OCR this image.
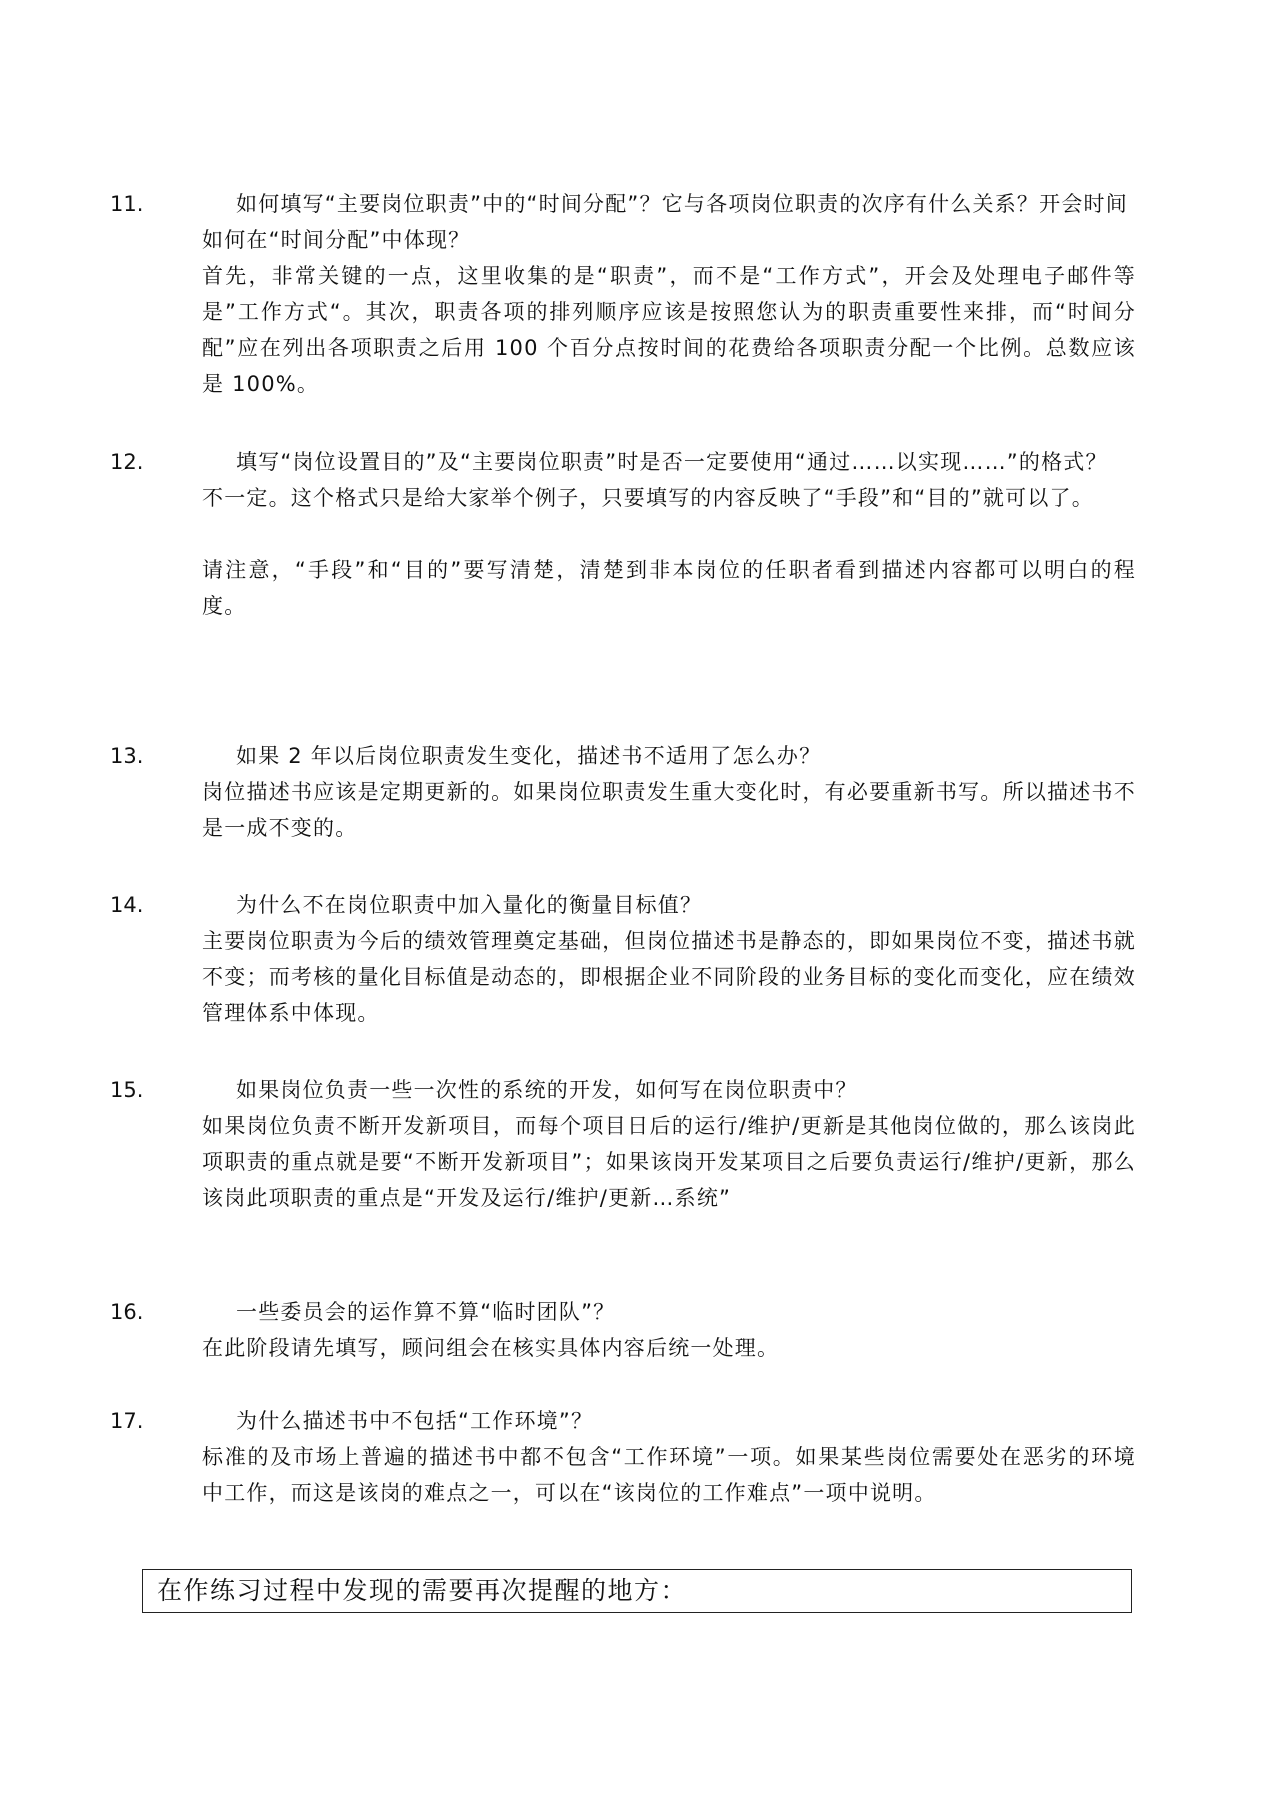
11.	如何填写“主要岗位职责”中的“时间分配”？它与各项岗位职责的次序有什么关系？开会时间如何在“时间分配”中体现？

首先，非常关键的一点，这里收集的是“职责”，而不是“工作方式”，开会及处理电子邮件等是”工作方式“。其次，职责各项的排列顺序应该是按照您认为的职责重要性来排，而“时间分配”应在列出各项职责之后用 100 个百分点按时间的花费给各项职责分配一个比例。总数应该是 100%。

12.	填写“岗位设置目的”及“主要岗位职责”时是否一定要使用“通过……以实现……”的格式？

不一定。这个格式只是给大家举个例子，只要填写的内容反映了“手段”和“目的”就可以了。

请注意，“手段”和“目的”要写清楚，清楚到非本岗位的任职者看到描述内容都可以明白的程度。

13.	如果 2 年以后岗位职责发生变化，描述书不适用了怎么办？

岗位描述书应该是定期更新的。如果岗位职责发生重大变化时，有必要重新书写。所以描述书不是一成不变的。

14.	为什么不在岗位职责中加入量化的衡量目标值？

主要岗位职责为今后的绩效管理奠定基础，但岗位描述书是静态的，即如果岗位不变，描述书就不变；而考核的量化目标值是动态的，即根据企业不同阶段的业务目标的变化而变化，应在绩效管理体系中体现。

15.	如果岗位负责一些一次性的系统的开发，如何写在岗位职责中？

如果岗位负责不断开发新项目，而每个项目日后的运行/维护/更新是其他岗位做的，那么该岗此项职责的重点就是要“不断开发新项目”；如果该岗开发某项目之后要负责运行/维护/更新，那么该岗此项职责的重点是“开发及运行/维护/更新…系统”

16.	一些委员会的运作算不算“临时团队”？

在此阶段请先填写，顾问组会在核实具体内容后统一处理。

17.	为什么描述书中不包括“工作环境”？

标准的及市场上普遍的描述书中都不包含“工作环境”一项。如果某些岗位需要处在恶劣的环境中工作，而这是该岗的难点之一，可以在“该岗位的工作难点”一项中说明。

在作练习过程中发现的需要再次提醒的地方：
